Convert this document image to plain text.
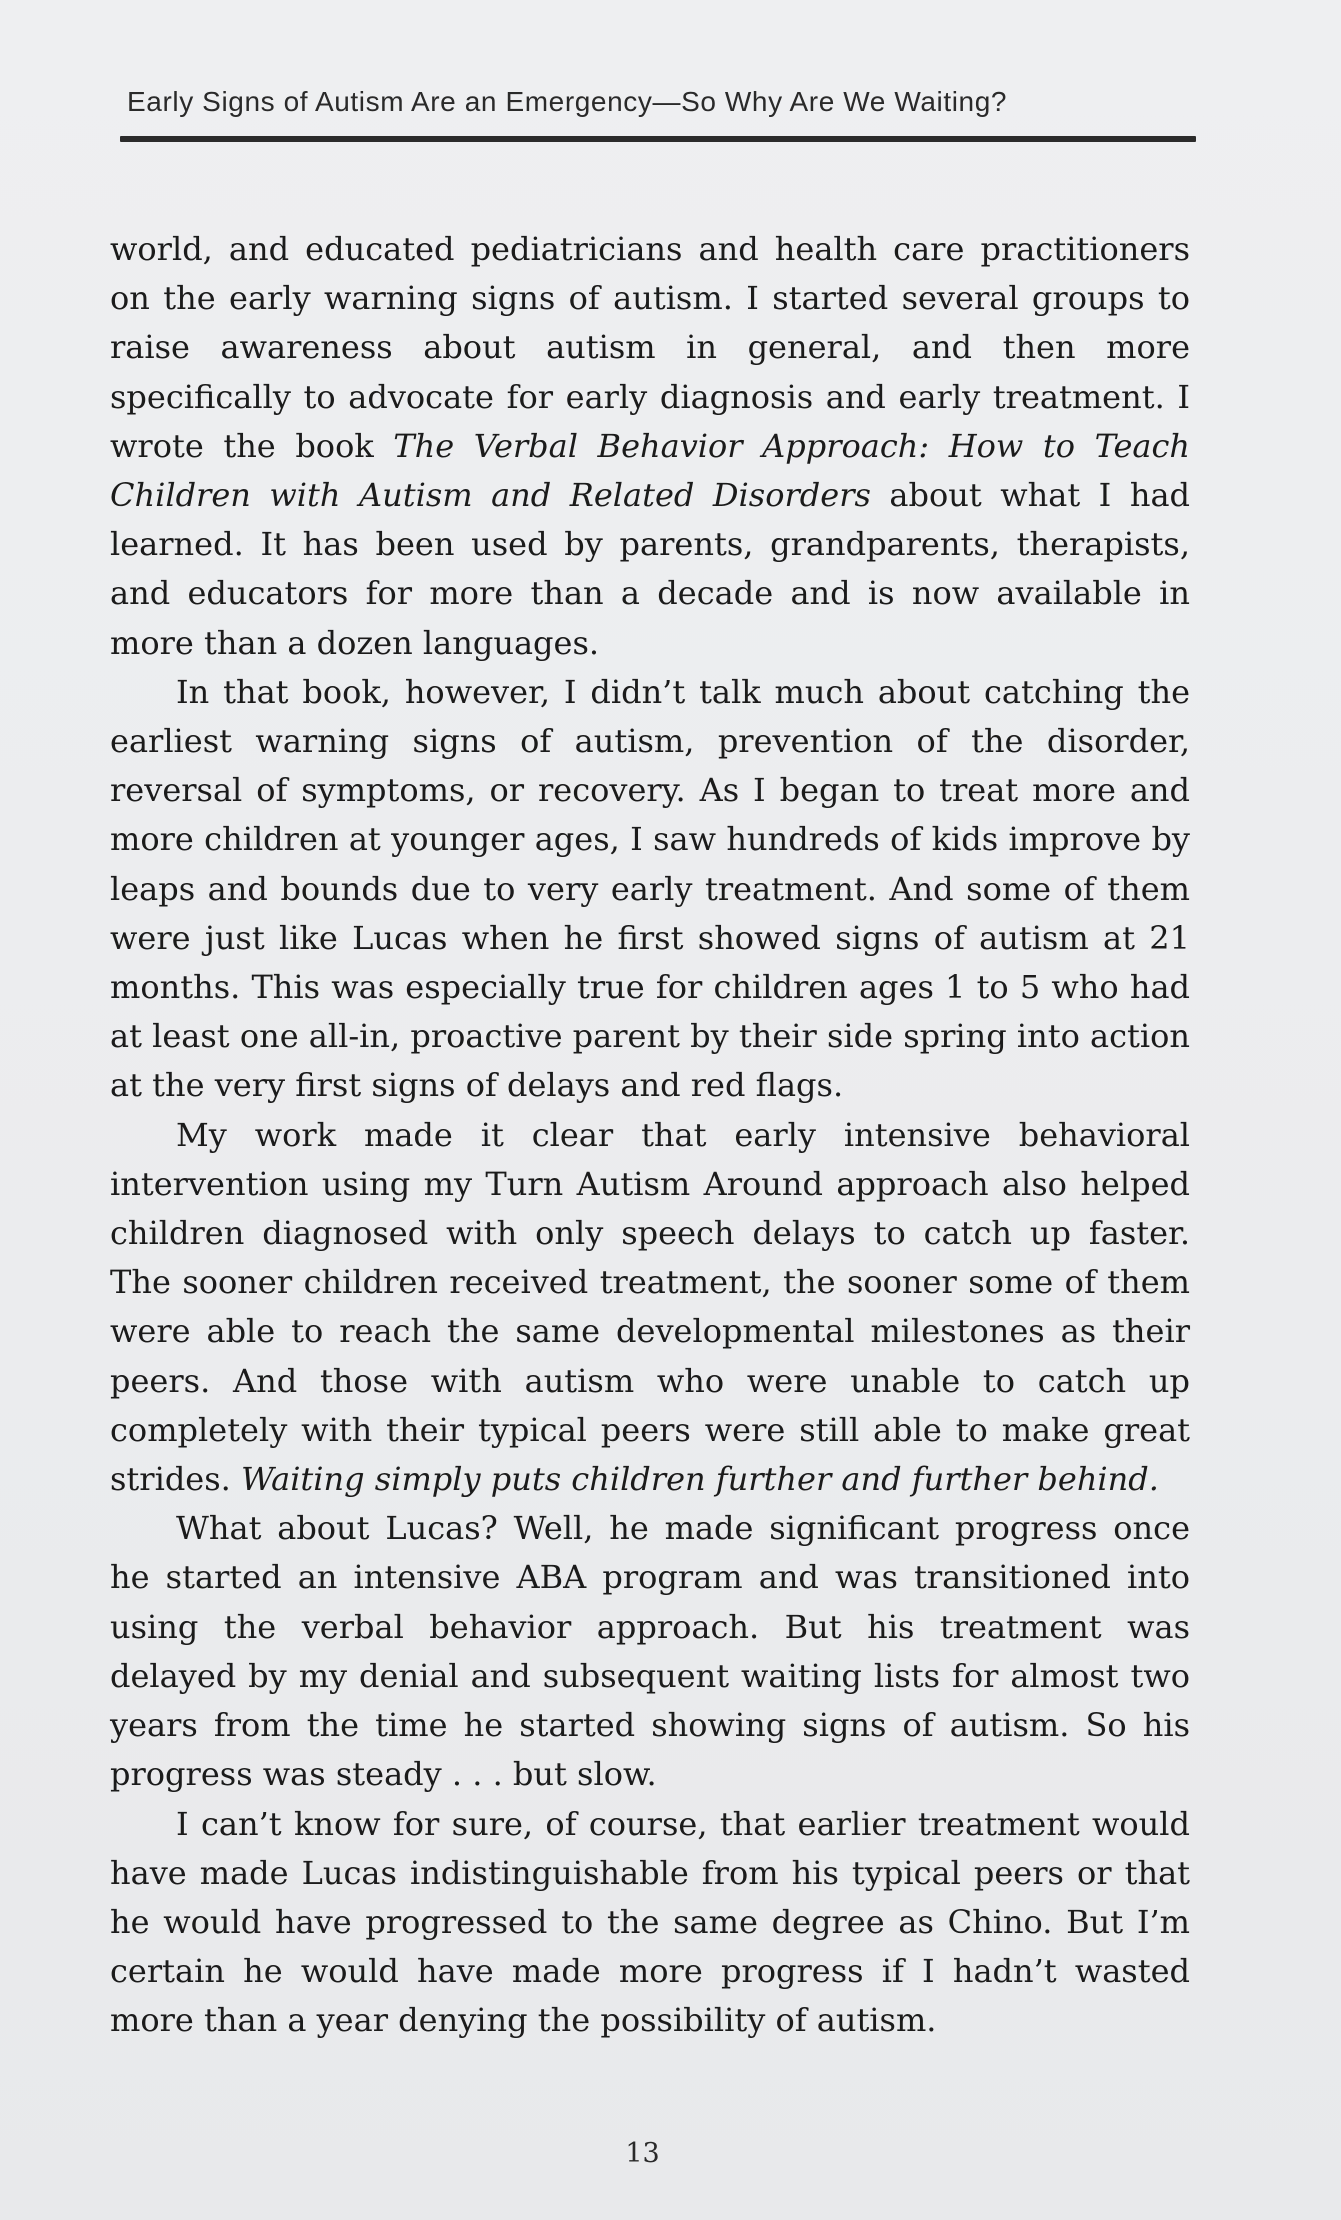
Early Signs of Autism Are an Emergency—So Why Are We Waiting?

world, and educated pediatricians and health care practitioners on the early warning signs of autism. I started several groups to raise awareness about autism in general, and then more specifically to advocate for early diagnosis and early treatment. I wrote the book The Verbal Behavior Approach: How to Teach Children with Autism and Related Disorders about what I had learned. It has been used by parents, grandparents, therapists, and educators for more than a decade and is now available in more than a dozen languages.

In that book, however, I didn’t talk much about catching the earliest warning signs of autism, prevention of the disorder, reversal of symptoms, or recovery. As I began to treat more and more children at younger ages, I saw hundreds of kids improve by leaps and bounds due to very early treatment. And some of them were just like Lucas when he first showed signs of autism at 21 months. This was especially true for children ages 1 to 5 who had at least one all-in, proactive parent by their side spring into action at the very first signs of delays and red flags.

My work made it clear that early intensive behavioral intervention using my Turn Autism Around approach also helped children diagnosed with only speech delays to catch up faster. The sooner children received treatment, the sooner some of them were able to reach the same developmental milestones as their peers. And those with autism who were unable to catch up completely with their typical peers were still able to make great strides. Waiting simply puts children further and further behind.

What about Lucas? Well, he made significant progress once he started an intensive ABA program and was transitioned into using the verbal behavior approach. But his treatment was delayed by my denial and subsequent waiting lists for almost two years from the time he started showing signs of autism. So his progress was steady . . . but slow.

I can’t know for sure, of course, that earlier treatment would have made Lucas indistinguishable from his typical peers or that he would have progressed to the same degree as Chino. But I’m certain he would have made more progress if I hadn’t wasted more than a year denying the possibility of autism.

13
